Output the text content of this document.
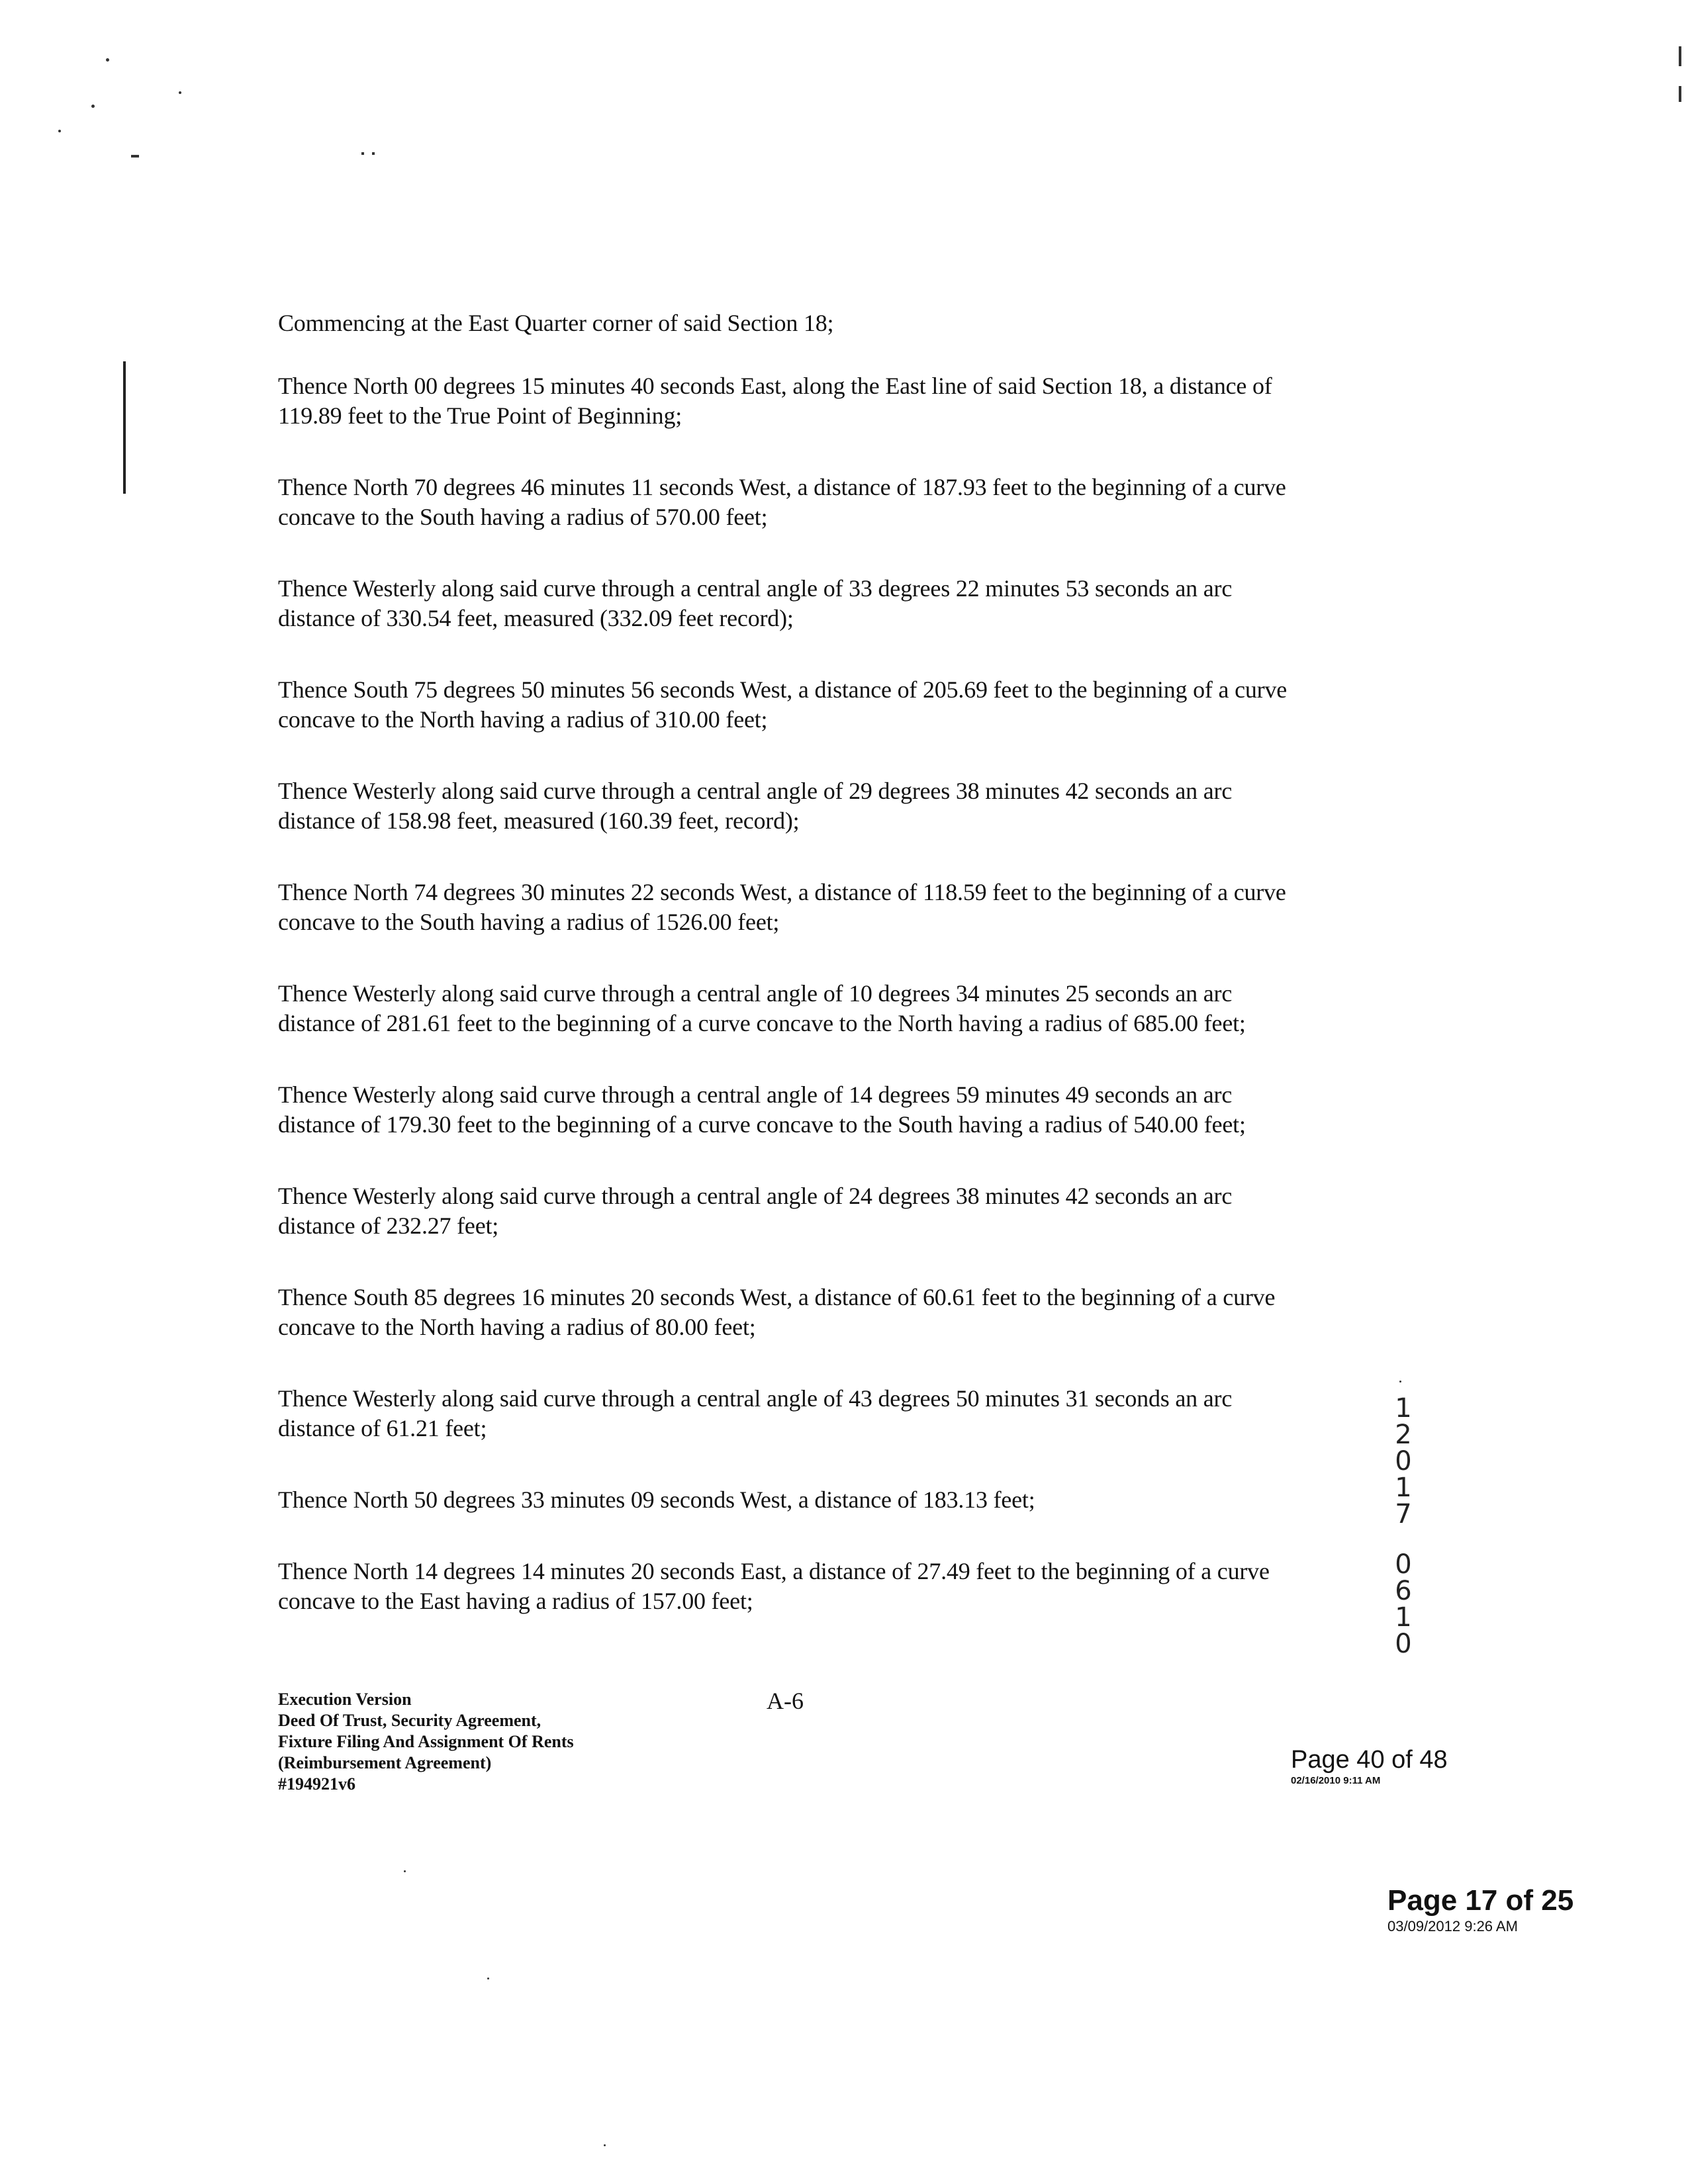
Commencing at the East Quarter corner of said Section 18;

Thence North 00 degrees 15 minutes 40 seconds East, along the East line of said Section 18, a distance of 119.89 feet to the True Point of Beginning;

Thence North 70 degrees 46 minutes 11 seconds West, a distance of 187.93 feet to the beginning of a curve concave to the South having a radius of 570.00 feet;

Thence Westerly along said curve through a central angle of 33 degrees 22 minutes 53 seconds an arc distance of 330.54 feet, measured (332.09 feet record);

Thence South 75 degrees 50 minutes 56 seconds West, a distance of 205.69 feet to the beginning of a curve concave to the North having a radius of 310.00 feet;

Thence Westerly along said curve through a central angle of 29 degrees 38 minutes 42 seconds an arc distance of 158.98 feet, measured (160.39 feet, record);

Thence North 74 degrees 30 minutes 22 seconds West, a distance of 118.59 feet to the beginning of a curve concave to the South having a radius of 1526.00 feet;

Thence Westerly along said curve through a central angle of 10 degrees 34 minutes 25 seconds an arc distance of 281.61 feet to the beginning of a curve concave to the North having a radius of 685.00 feet;

Thence Westerly along said curve through a central angle of 14 degrees 59 minutes 49 seconds an arc distance of 179.30 feet to the beginning of a curve concave to the South having a radius of 540.00 feet;

Thence Westerly along said curve through a central angle of 24 degrees 38 minutes 42 seconds an arc distance of 232.27 feet;

Thence South 85 degrees 16 minutes 20 seconds West, a distance of 60.61 feet to the beginning of a curve concave to the North having a radius of 80.00 feet;

Thence Westerly along said curve through a central angle of 43 degrees 50 minutes 31 seconds an arc distance of 61.21 feet;

Thence North 50 degrees 33 minutes 09 seconds West, a distance of 183.13 feet;

Thence North 14 degrees 14 minutes 20 seconds East, a distance of 27.49 feet to the beginning of a curve concave to the East having a radius of 157.00 feet;

Execution Version
Deed Of Trust, Security Agreement,
Fixture Filing And Assignment Of Rents
(Reimbursement Agreement)
#194921v6
A-6
1
2
0
1
7
0
6
1
0
Page 40 of 48
02/16/2010 9:11 AM
Page 17 of 25
03/09/2012 9:26 AM
